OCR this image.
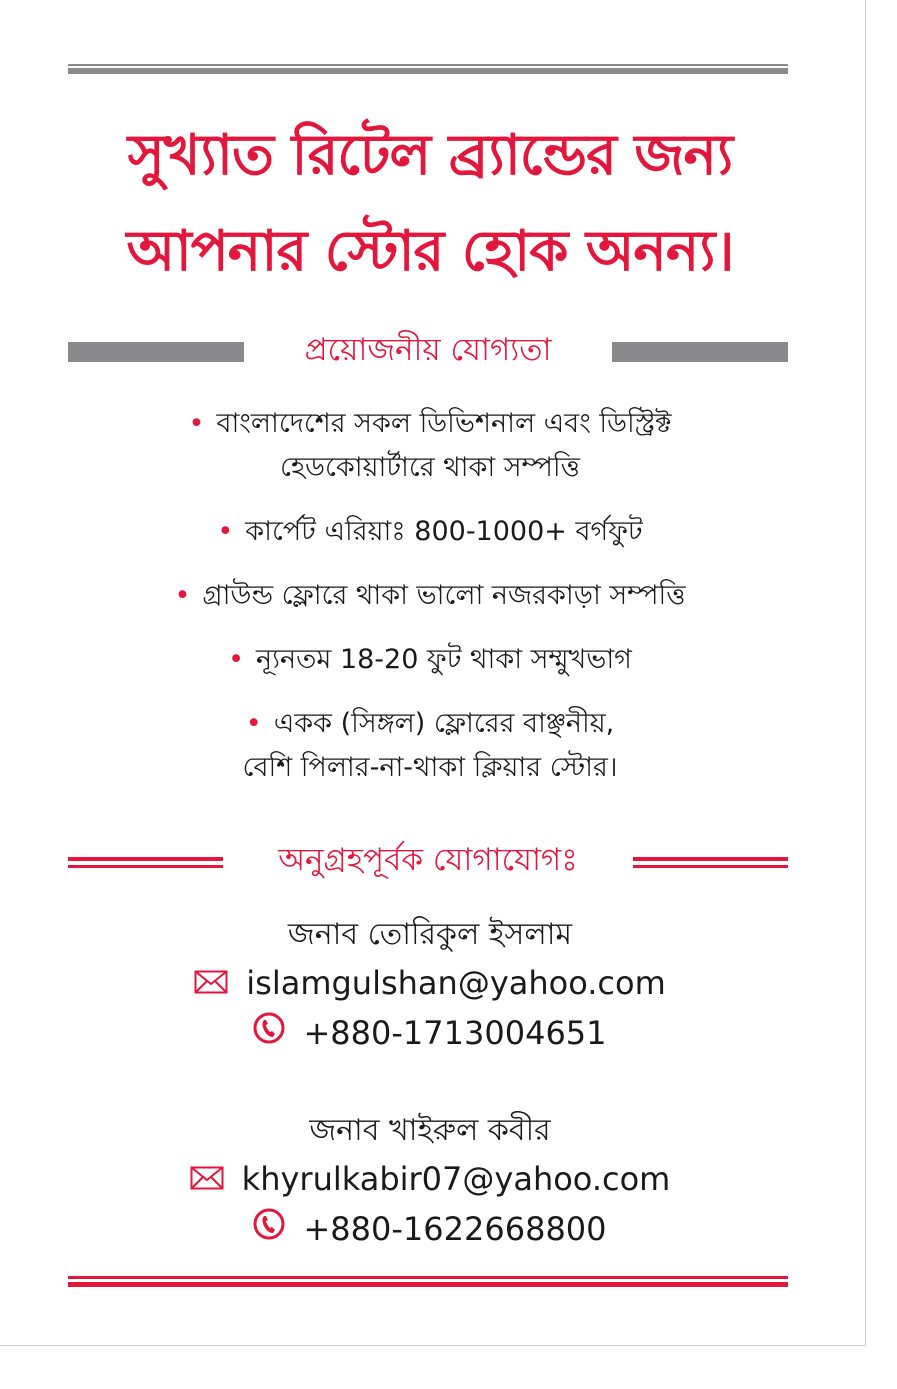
সুখ্যাত রিটেল ব্র্যান্ডের জন্য
আপনার স্টোর হোক অনন্য।
প্রয়োজনীয় যোগ্যতা
• বাংলাদেশের সকল ডিভিশনাল এবং ডিস্ট্রিক্ট
হেডকোয়ার্টারে থাকা সম্পত্তি
• কার্পেট এরিয়াঃ 800-1000+ বর্গফুট
• গ্রাউন্ড ফ্লোরে থাকা ভালো নজরকাড়া সম্পত্তি
• ন্যূনতম 18-20 ফুট থাকা সম্মুখভাগ
• একক (সিঙ্গল) ফ্লোরের বাঞ্ছনীয়,
বেশি পিলার-না-থাকা ক্লিয়ার স্টোর।
অনুগ্রহপূর্বক যোগাযোগঃ
জনাব তোরিকুল ইসলাম
islamgulshan@yahoo.com
+880-1713004651
জনাব খাইরুল কবীর
khyrulkabir07@yahoo.com
+880-1622668800
